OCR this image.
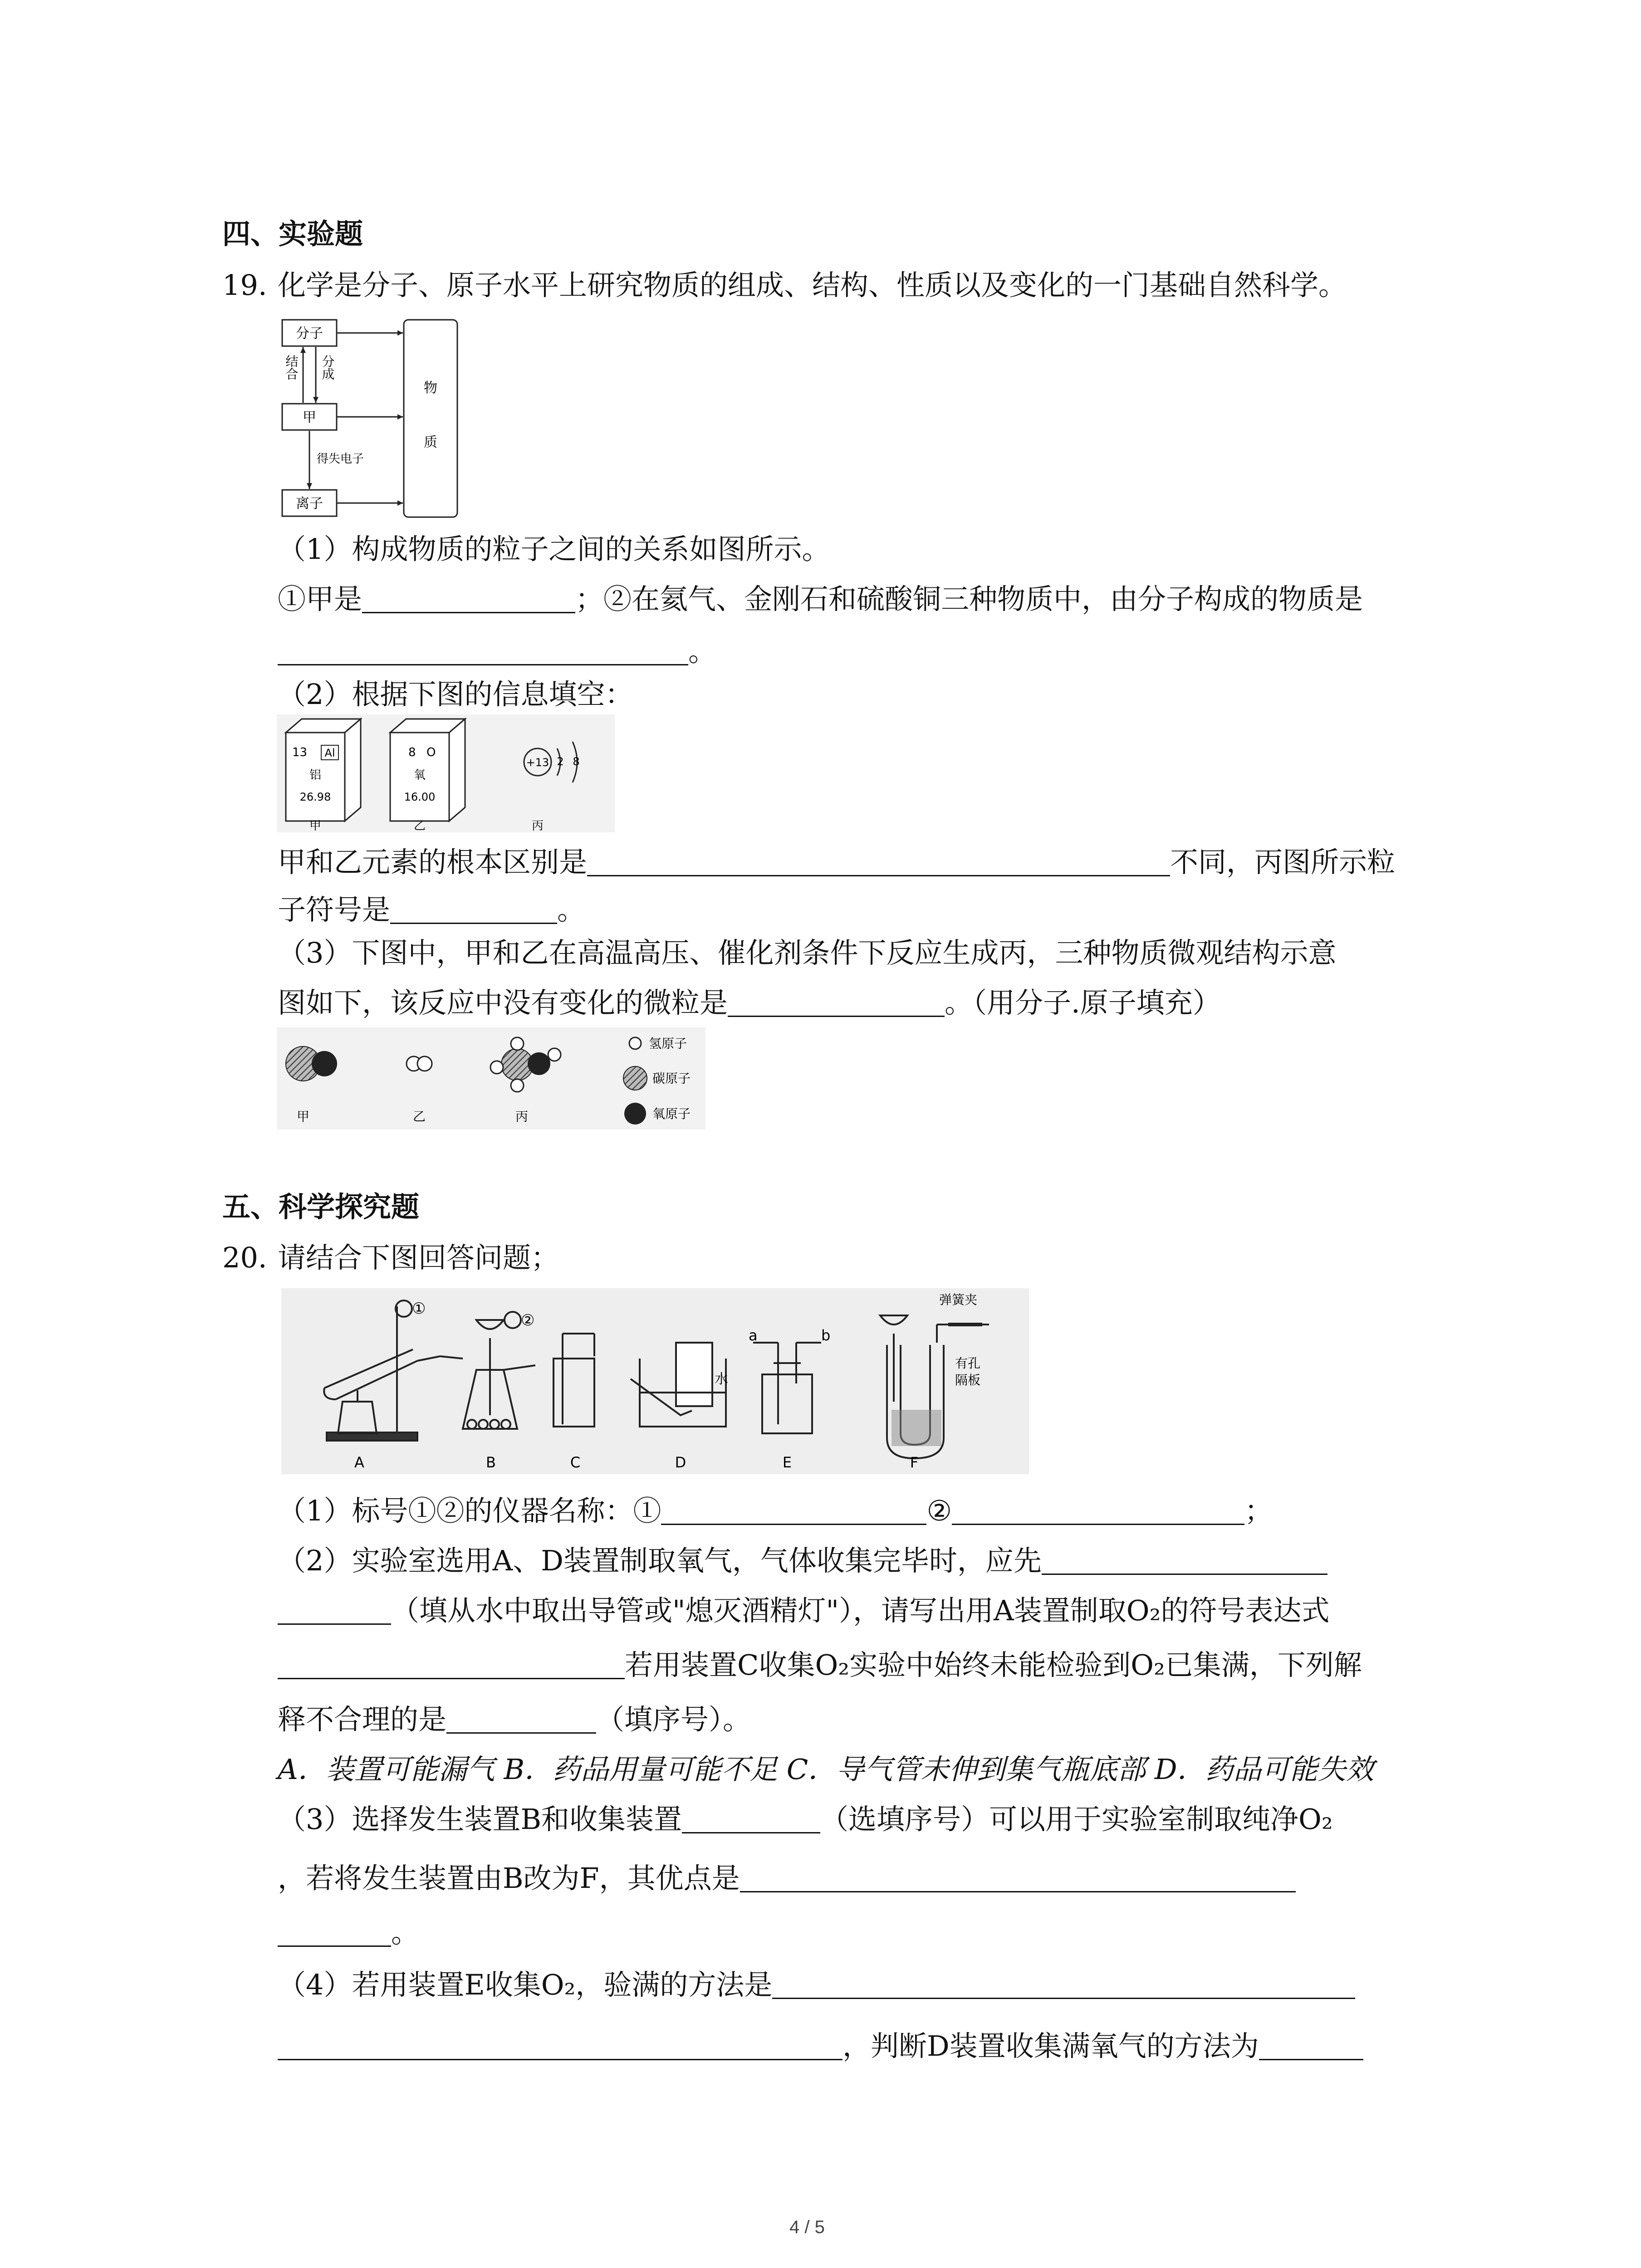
四、实验题
19. 化学是分子、原子水平上研究物质的组成、结构、性质以及变化的一门基础自然科学。
分子
甲
离子
物
质
结合 分成
得失电子
（1）构成物质的粒子之间的关系如图所示。
①甲是	；②在氦气、金刚石和硫酸铜三种物质中，由分子构成的物质是
。
（2）根据下图的信息填空：
13 Al
铝
26.98
8 O
氧
16.00
+13 2 8
甲	乙	丙
甲和乙元素的根本区别是	不同，丙图所示粒
子符号是	。
（3）下图中，甲和乙在高温高压、催化剂条件下反应生成丙，三种物质微观结构示意
图如下，该反应中没有变化的微粒是	。（用分子.原子填充）
氢原子
碳原子
氧原子
甲	乙	丙
五、科学探究题
20. 请结合下图回答问题；
①
②
水
a	b
弹簧夹
有孔
隔板
A	B	C	D	E	F
（1）标号①②的仪器名称：①	②	；
（2）实验室选用A、D装置制取氧气，气体收集完毕时，应先
（填从水中取出导管或"熄灭酒精灯"），请写出用A装置制取O₂的符号表达式
若用装置C收集O₂实验中始终未能检验到O₂已集满，下列解
释不合理的是	（填序号）。
A．装置可能漏气 B．药品用量可能不足 C．导气管未伸到集气瓶底部 D．药品可能失效
（3）选择发生装置B和收集装置	（选填序号）可以用于实验室制取纯净O₂
，若将发生装置由B改为F，其优点是
。
（4）若用装置E收集O₂，验满的方法是
，判断D装置收集满氧气的方法为
4 / 5
